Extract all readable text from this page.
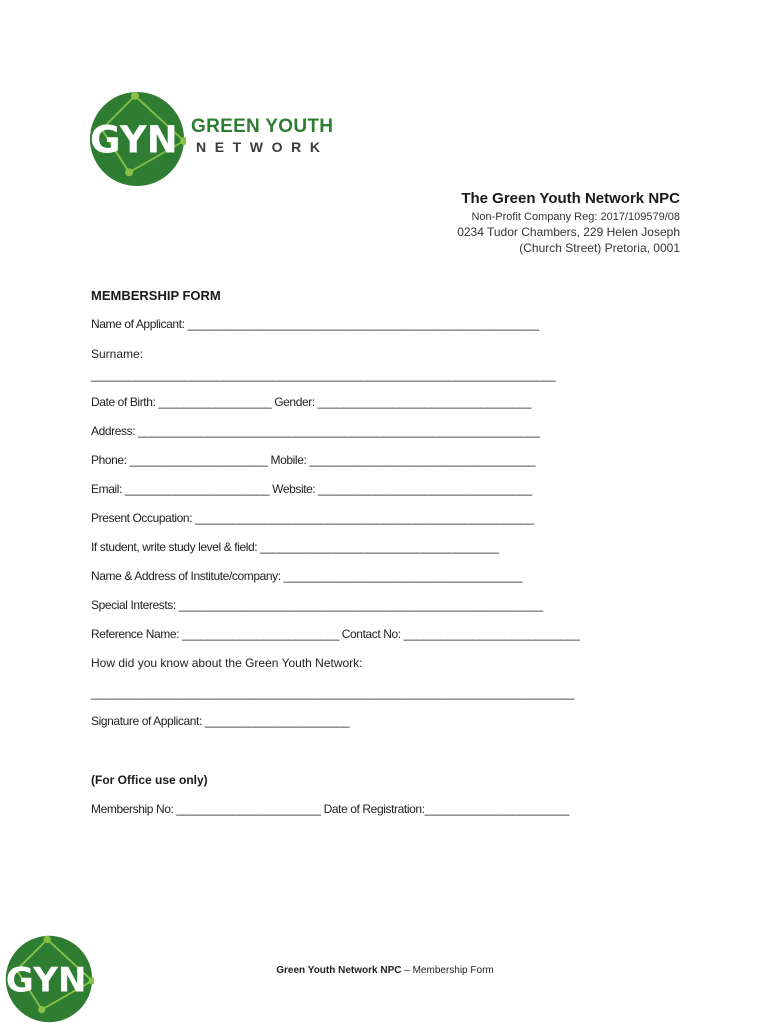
GYN GREEN YOUTH
NETWORK
The Green Youth Network NPC
Non-Profit Company Reg: 2017/109579/08
0234 Tudor Chambers, 229 Helen Joseph
(Church Street) Pretoria, 0001
MEMBERSHIP FORM
Name of Applicant: ________________________________________________________
Surname:
__________________________________________________________________________
Date of Birth: __________________ Gender: __________________________________
Address: ________________________________________________________________
Phone: ______________________ Mobile: ____________________________________
Email: _______________________ Website: __________________________________
Present Occupation: ______________________________________________________
If student, write study level & field: ______________________________________
Name & Address of Institute/company: ______________________________________
Special Interests: __________________________________________________________
Reference Name: _________________________ Contact No: ____________________________
How did you know about the Green Youth Network:
_____________________________________________________________________________
Signature of Applicant: _______________________
(For Office use only)
Membership No: _______________________ Date of Registration:_______________________
GYN	Green Youth Network NPC – Membership Form
